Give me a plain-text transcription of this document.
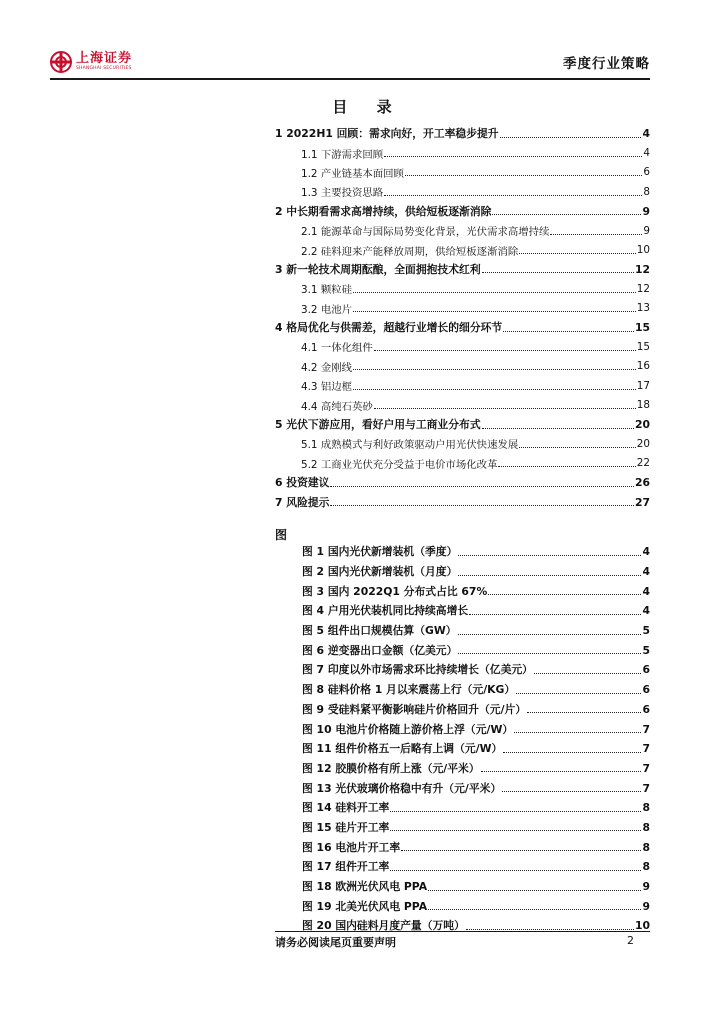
上海证券
SHANGHAI SECURITIES	季度行业策略
目 录
1 2022H1 回顾：需求向好，开工率稳步提升	4
1.1 下游需求回顾	4
1.2 产业链基本面回顾	6
1.3 主要投资思路	8
2 中长期看需求高增持续，供给短板逐渐消除	9
2.1 能源革命与国际局势变化背景，光伏需求高增持续	9
2.2 硅料迎来产能释放周期，供给短板逐渐消除	10
3 新一轮技术周期酝酿，全面拥抱技术红利	12
3.1 颗粒硅	12
3.2 电池片	13
4 格局优化与供需差，超越行业增长的细分环节	15
4.1 一体化组件	15
4.2 金刚线	16
4.3 铝边框	17
4.4 高纯石英砂	18
5 光伏下游应用，看好户用与工商业分布式	20
5.1 成熟模式与利好政策驱动户用光伏快速发展	20
5.2 工商业光伏充分受益于电价市场化改革	22
6 投资建议	26
7 风险提示	27
图
图 1 国内光伏新增装机（季度）	4
图 2 国内光伏新增装机（月度）	4
图 3 国内 2022Q1 分布式占比 67%	4
图 4 户用光伏装机同比持续高增长	4
图 5 组件出口规模估算（GW）	5
图 6 逆变器出口金额（亿美元）	5
图 7 印度以外市场需求环比持续增长（亿美元）	6
图 8 硅料价格 1 月以来震荡上行（元/KG）	6
图 9 受硅料紧平衡影响硅片价格回升（元/片）	6
图 10 电池片价格随上游价格上浮（元/W）	7
图 11 组件价格五一后略有上调（元/W）	7
图 12 胶膜价格有所上涨（元/平米）	7
图 13 光伏玻璃价格稳中有升（元/平米）	7
图 14 硅料开工率	8
图 15 硅片开工率	8
图 16 电池片开工率	8
图 17 组件开工率	8
图 18 欧洲光伏风电 PPA	9
图 19 北美光伏风电 PPA	9
图 20 国内硅料月度产量（万吨）	10
请务必阅读尾页重要声明	2
